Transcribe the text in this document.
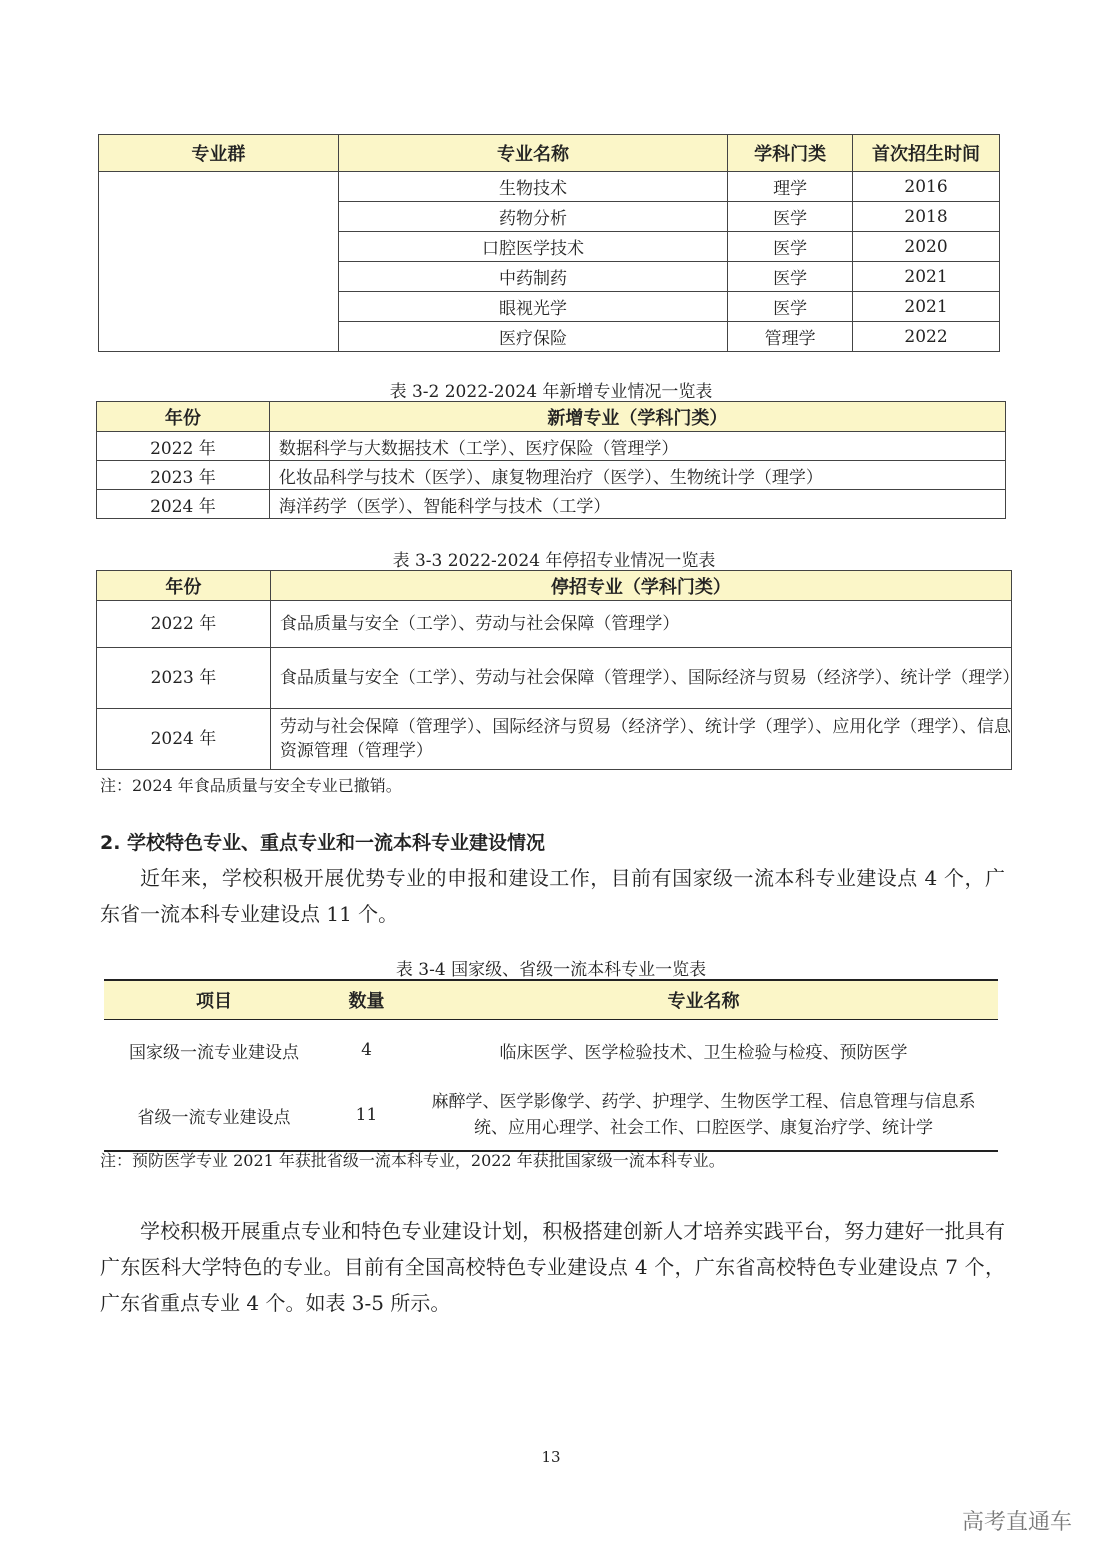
专业群	专业名称	学科门类	首次招生时间
	生物技术	理学	2016
	药物分析	医学	2018
	口腔医学技术	医学	2020
	中药制药	医学	2021
	眼视光学	医学	2021
	医疗保险	管理学	2022
表 3-2 2022-2024 年新增专业情况一览表
年份	新增专业（学科门类）
2022 年	数据科学与大数据技术（工学）、医疗保险（管理学）
2023 年	化妆品科学与技术（医学）、康复物理治疗（医学）、生物统计学（理学）
2024 年	海洋药学（医学）、智能科学与技术（工学）
表 3-3 2022-2024 年停招专业情况一览表
年份	停招专业（学科门类）
2022 年	食品质量与安全（工学）、劳动与社会保障（管理学）
2023 年	食品质量与安全（工学）、劳动与社会保障（管理学）、国际经济与贸易（经济学）、统计学（理学）
2024 年	劳动与社会保障（管理学）、国际经济与贸易（经济学）、统计学（理学）、应用化学（理学）、信息资源管理（管理学）
注：2024 年食品质量与安全专业已撤销。
2. 学校特色专业、重点专业和一流本科专业建设情况
近年来，学校积极开展优势专业的申报和建设工作，目前有国家级一流本科专业建设点 4 个，广东省一流本科专业建设点 11 个。
表 3-4 国家级、省级一流本科专业一览表
项目	数量	专业名称
国家级一流专业建设点	4	临床医学、医学检验技术、卫生检验与检疫、预防医学
省级一流专业建设点	11	麻醉学、医学影像学、药学、护理学、生物医学工程、信息管理与信息系统、应用心理学、社会工作、口腔医学、康复治疗学、统计学
注：预防医学专业 2021 年获批省级一流本科专业，2022 年获批国家级一流本科专业。
学校积极开展重点专业和特色专业建设计划，积极搭建创新人才培养实践平台，努力建好一批具有广东医科大学特色的专业。目前有全国高校特色专业建设点 4 个，广东省高校特色专业建设点 7 个，广东省重点专业 4 个。如表 3-5 所示。
13
高考直通车
